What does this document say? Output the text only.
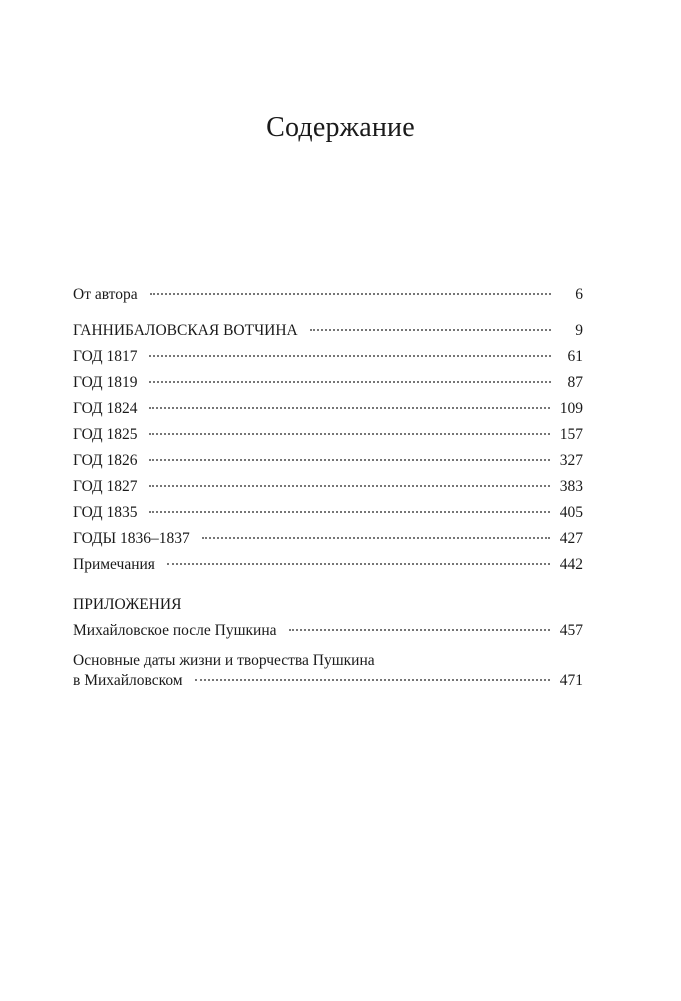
Содержание
От автора	6
ГАННИБАЛОВСКАЯ ВОТЧИНА	9
ГОД 1817	61
ГОД 1819	87
ГОД 1824	109
ГОД 1825	157
ГОД 1826	327
ГОД 1827	383
ГОД 1835	405
ГОДЫ 1836–1837	427
Примечания	442
ПРИЛОЖЕНИЯ
Михайловское после Пушкина	457
Основные даты жизни и творчества Пушкина
в Михайловском	471
